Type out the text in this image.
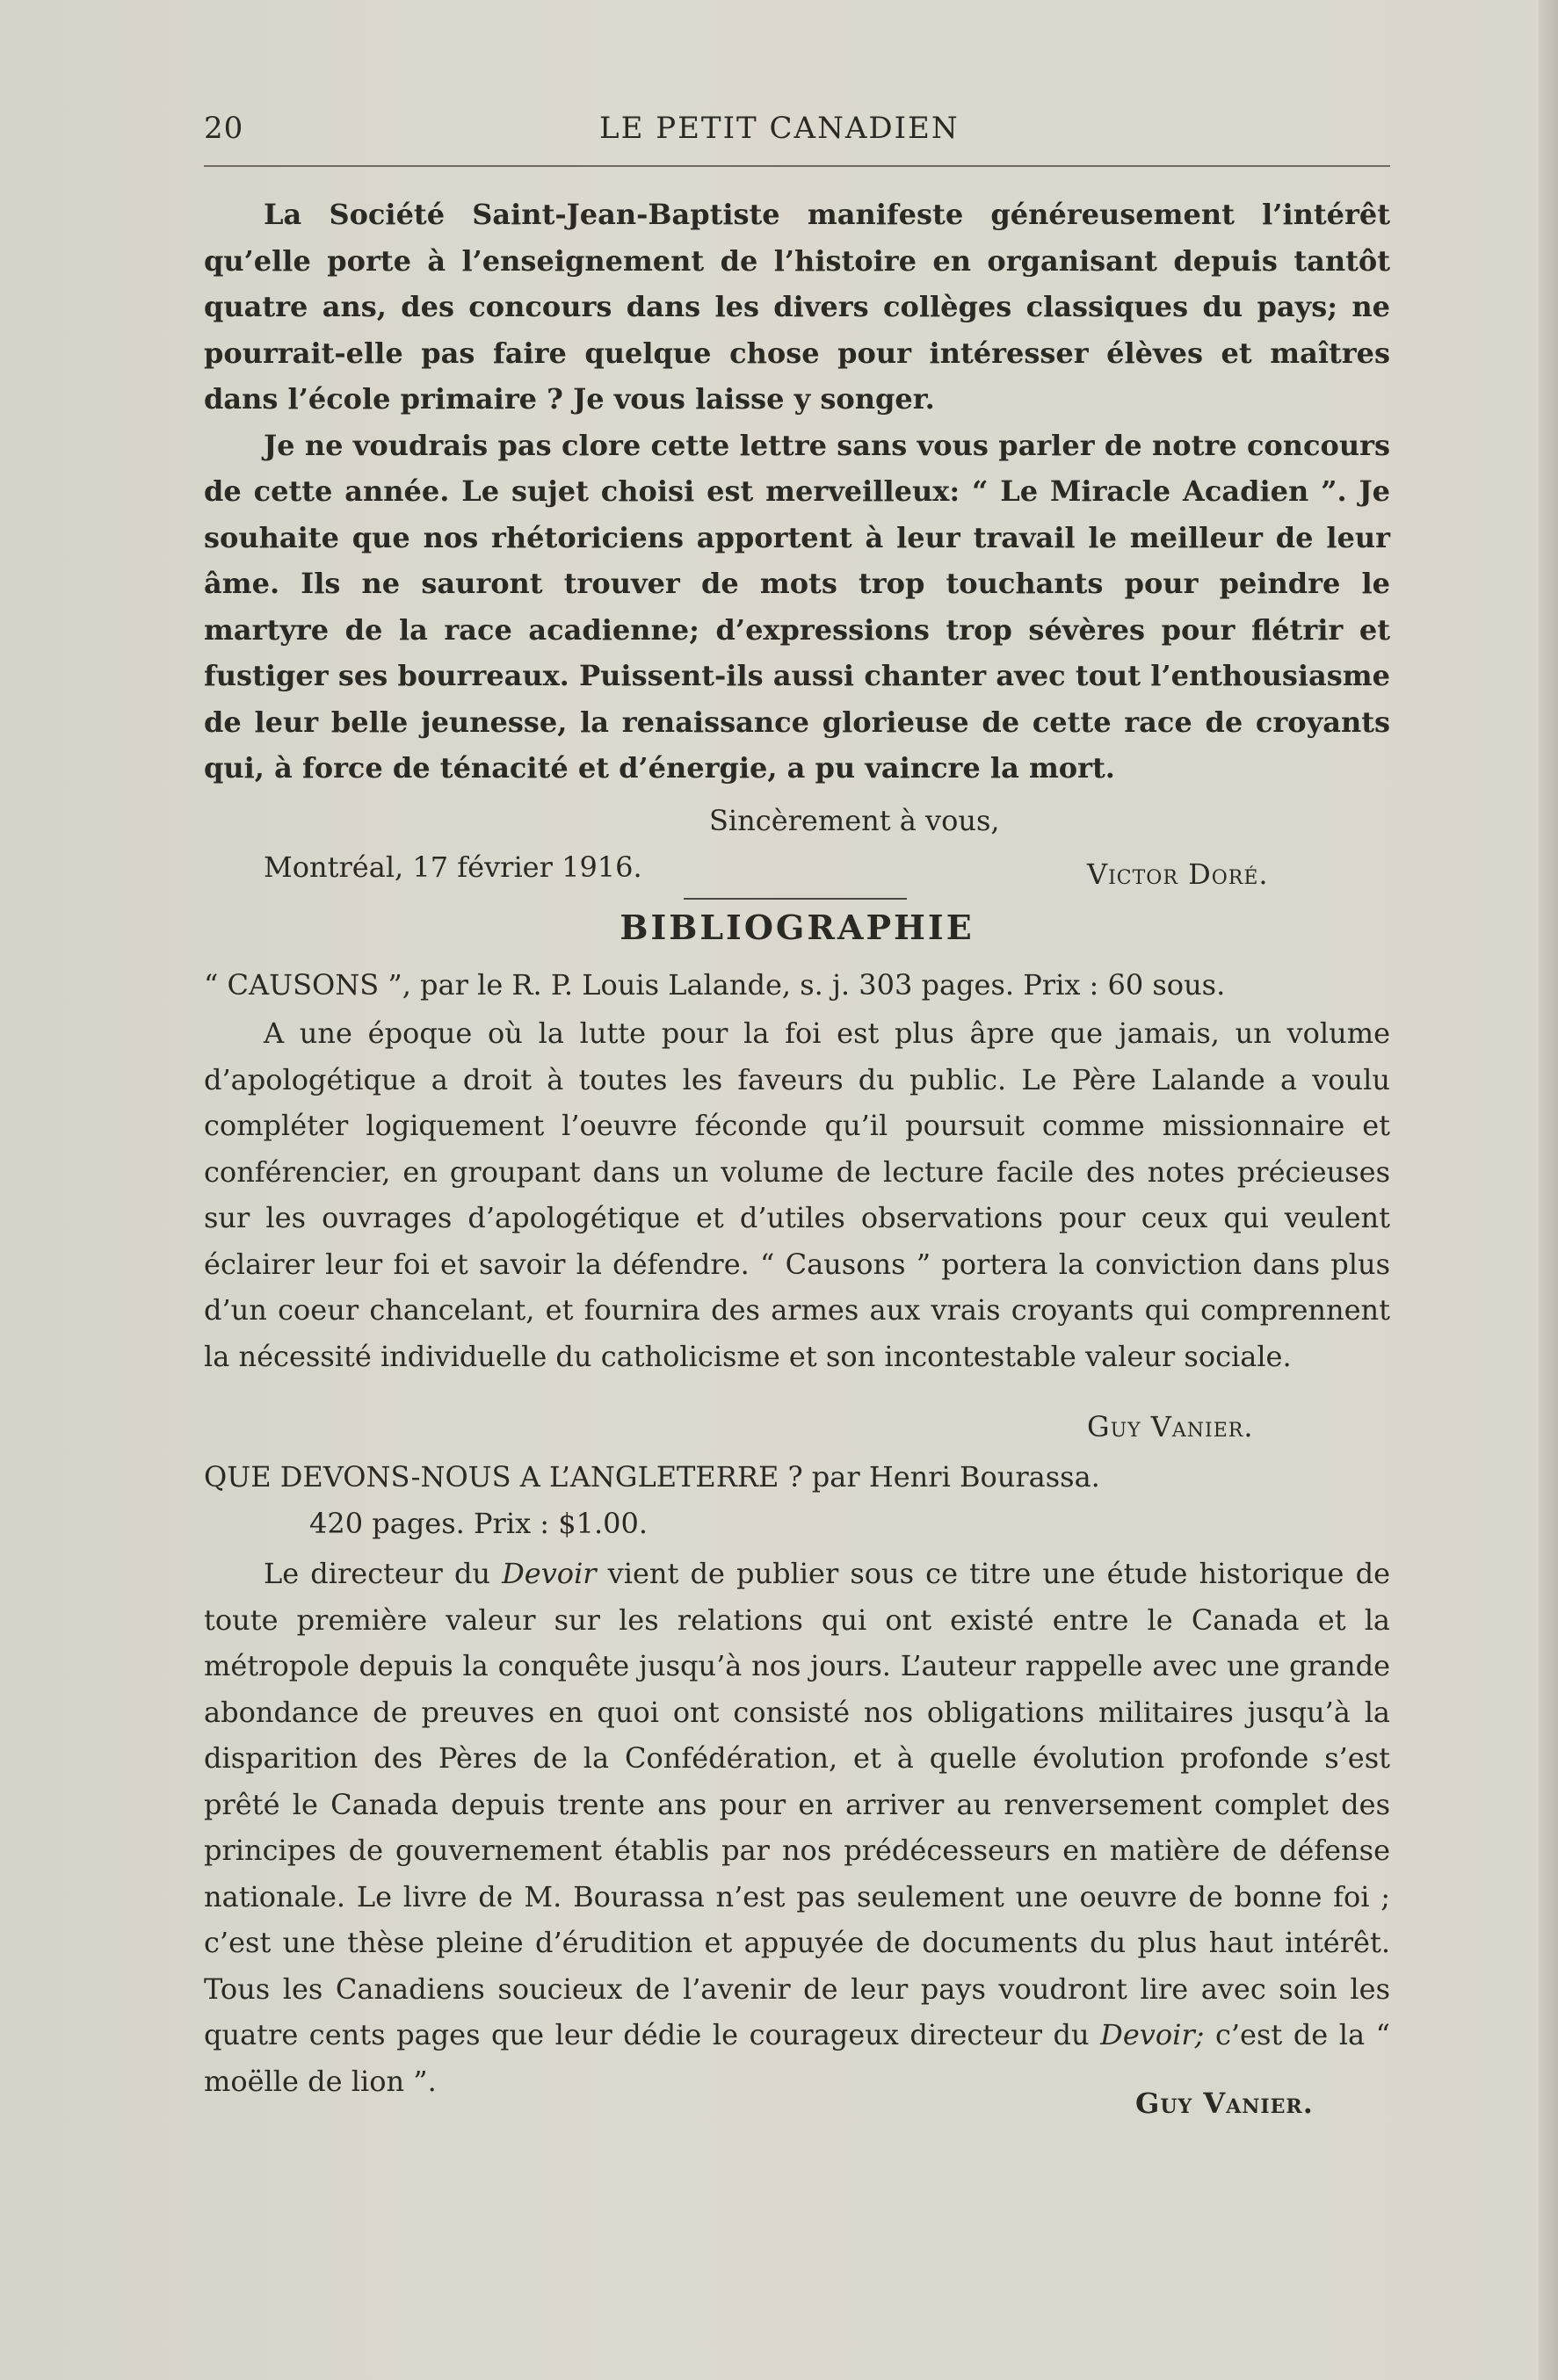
20	LE PETIT CANADIEN

La Société Saint-Jean-Baptiste manifeste généreusement l’intérêt qu’elle porte à l’enseignement de l’histoire en organisant depuis tantôt quatre ans, des concours dans les divers collèges classiques du pays; ne pourrait-elle pas faire quelque chose pour intéresser élèves et maîtres dans l’école primaire ? Je vous laisse y songer.

Je ne voudrais pas clore cette lettre sans vous parler de notre concours de cette année. Le sujet choisi est merveilleux: “ Le Miracle Acadien ”. Je souhaite que nos rhétoriciens apportent à leur travail le meilleur de leur âme. Ils ne sauront trouver de mots trop touchants pour peindre le martyre de la race acadienne; d’expressions trop sévères pour flétrir et fustiger ses bourreaux. Puissent-ils aussi chanter avec tout l’enthousiasme de leur belle jeunesse, la renaissance glorieuse de cette race de croyants qui, à force de ténacité et d’énergie, a pu vaincre la mort.

Sincèrement à vous,
Montréal, 17 février 1916.	Victor Doré.
BIBLIOGRAPHIE
“ CAUSONS ”, par le R. P. Louis Lalande, s. j. 303 pages. Prix : 60 sous.

A une époque où la lutte pour la foi est plus âpre que jamais, un volume d’apologétique a droit à toutes les faveurs du public. Le Père Lalande a voulu compléter logiquement l’oeuvre féconde qu’il poursuit comme missionnaire et conférencier, en groupant dans un volume de lecture facile des notes précieuses sur les ouvrages d’apologétique et d’utiles observations pour ceux qui veulent éclairer leur foi et savoir la défendre. “ Causons ” portera la conviction dans plus d’un coeur chancelant, et fournira des armes aux vrais croyants qui comprennent la nécessité individuelle du catholicisme et son incontestable valeur sociale.

Guy Vanier.
QUE DEVONS-NOUS A L’ANGLETERRE ? par Henri Bourassa.
420 pages. Prix : $1.00.

Le directeur du Devoir vient de publier sous ce titre une étude historique de toute première valeur sur les relations qui ont existé entre le Canada et la métropole depuis la conquête jusqu’à nos jours. L’auteur rappelle avec une grande abondance de preuves en quoi ont consisté nos obligations militaires jusqu’à la disparition des Pères de la Confédération, et à quelle évolution profonde s’est prêté le Canada depuis trente ans pour en arriver au renversement complet des principes de gouvernement établis par nos prédécesseurs en matière de défense nationale. Le livre de M. Bourassa n’est pas seulement une oeuvre de bonne foi ; c’est une thèse pleine d’érudition et appuyée de documents du plus haut intérêt. Tous les Canadiens soucieux de l’avenir de leur pays voudront lire avec soin les quatre cents pages que leur dédie le courageux directeur du Devoir; c’est de la “ moëlle de lion ”.

Guy Vanier.
